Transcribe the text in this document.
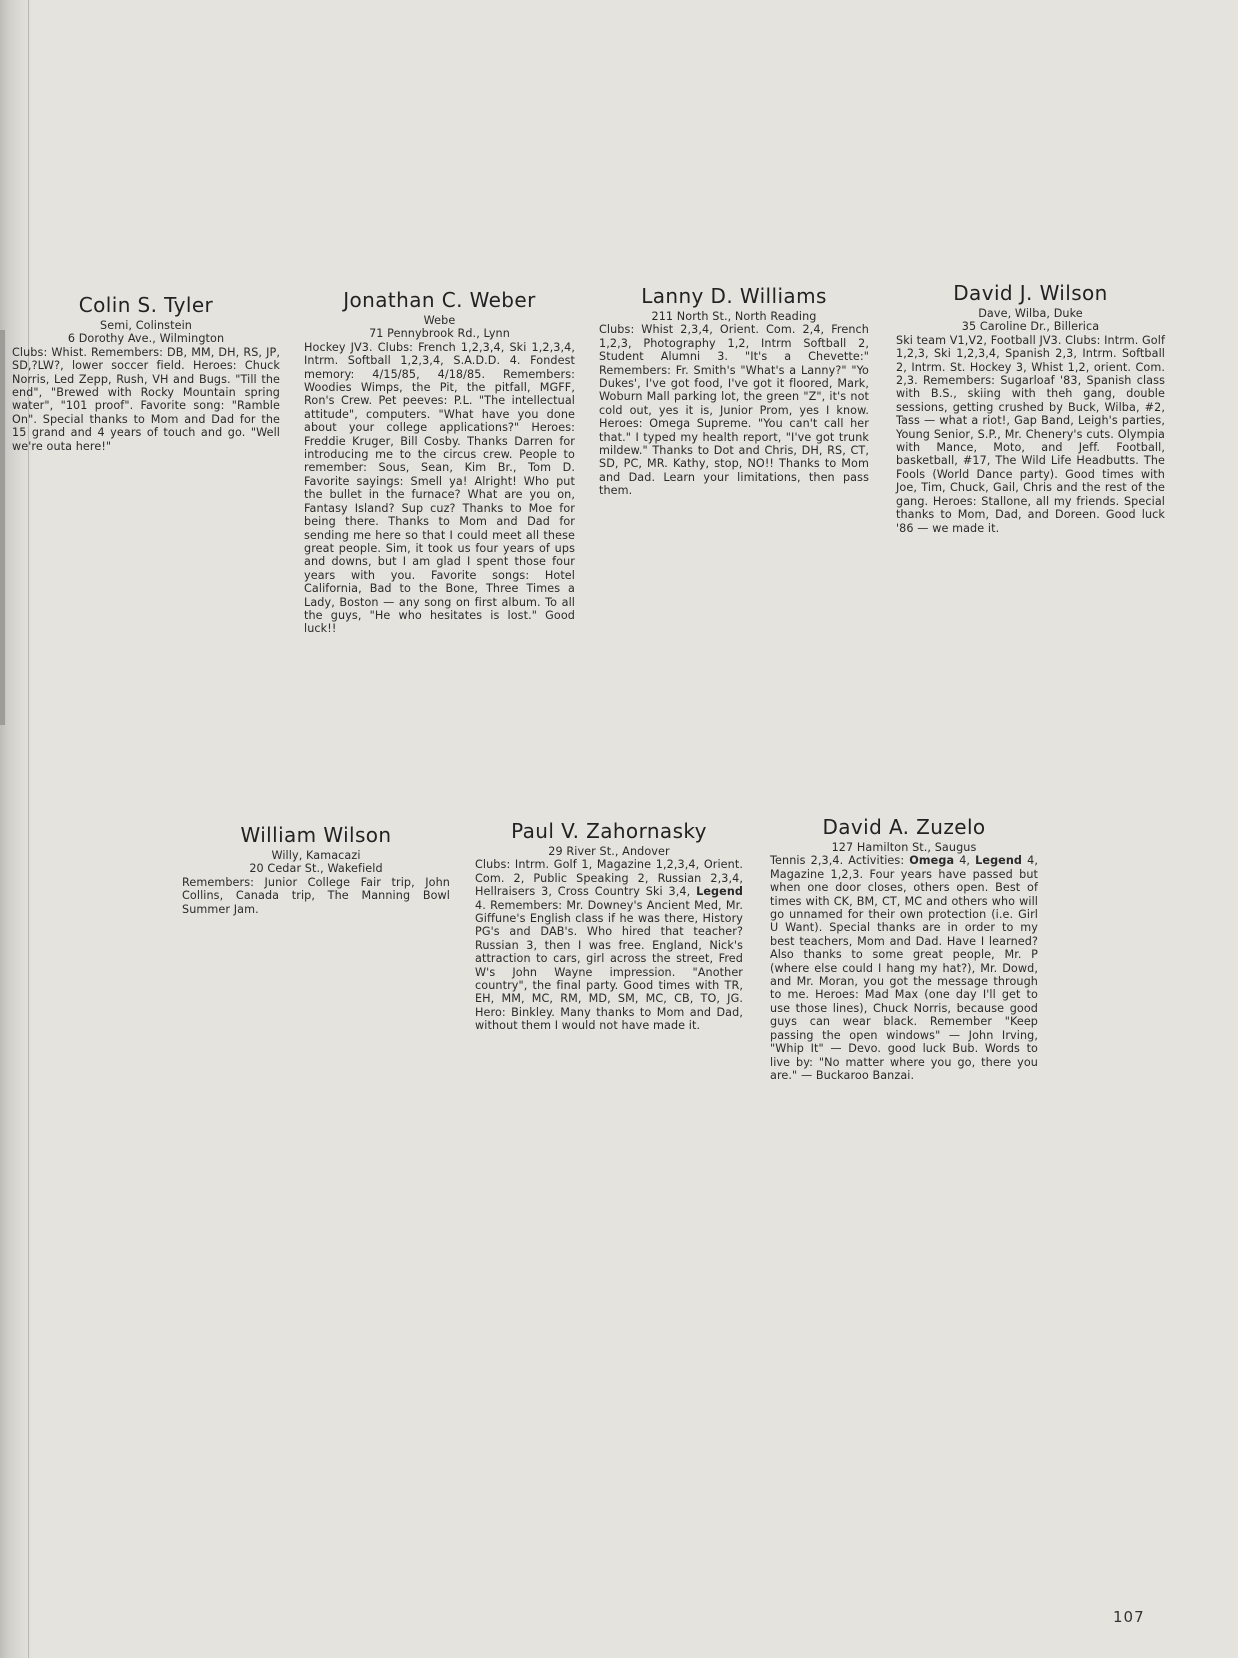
Colin S. Tyler
Semi, Colinstein
6 Dorothy Ave., Wilmington
Clubs: Whist. Remembers: DB, MM, DH, RS, JP, SD,?LW?, lower soccer field. Heroes: Chuck Norris, Led Zepp, Rush, VH and Bugs. "Till the end", "Brewed with Rocky Mountain spring water", "101 proof". Favorite song: "Ramble On". Special thanks to Mom and Dad for the 15 grand and 4 years of touch and go. "Well we're outa here!"
Jonathan C. Weber
Webe
71 Pennybrook Rd., Lynn
Hockey JV3. Clubs: French 1,2,3,4, Ski 1,2,3,4, Intrm. Softball 1,2,3,4, S.A.D.D. 4. Fondest memory: 4/15/85, 4/18/85. Remembers: Woodies Wimps, the Pit, the pitfall, MGFF, Ron's Crew. Pet peeves: P.L. "The intellectual attitude", computers. "What have you done about your college applications?" Heroes: Freddie Kruger, Bill Cosby. Thanks Darren for introducing me to the circus crew. People to remember: Sous, Sean, Kim Br., Tom D. Favorite sayings: Smell ya! Alright! Who put the bullet in the furnace? What are you on, Fantasy Island? Sup cuz? Thanks to Moe for being there. Thanks to Mom and Dad for sending me here so that I could meet all these great people. Sim, it took us four years of ups and downs, but I am glad I spent those four years with you. Favorite songs: Hotel California, Bad to the Bone, Three Times a Lady, Boston — any song on first album. To all the guys, "He who hesitates is lost." Good luck!!
Lanny D. Williams
211 North St., North Reading
Clubs: Whist 2,3,4, Orient. Com. 2,4, French 1,2,3, Photography 1,2, Intrm Softball 2, Student Alumni 3. "It's a Chevette:" Remembers: Fr. Smith's "What's a Lanny?" "Yo Dukes', I've got food, I've got it floored, Mark, Woburn Mall parking lot, the green "Z", it's not cold out, yes it is, Junior Prom, yes I know. Heroes: Omega Supreme. "You can't call her that." I typed my health report, "I've got trunk mildew." Thanks to Dot and Chris, DH, RS, CT, SD, PC, MR. Kathy, stop, NO!! Thanks to Mom and Dad. Learn your limitations, then pass them.
David J. Wilson
Dave, Wilba, Duke
35 Caroline Dr., Billerica
Ski team V1,V2, Football JV3. Clubs: Intrm. Golf 1,2,3, Ski 1,2,3,4, Spanish 2,3, Intrm. Softball 2, Intrm. St. Hockey 3, Whist 1,2, orient. Com. 2,3. Remembers: Sugarloaf '83, Spanish class with B.S., skiing with theh gang, double sessions, getting crushed by Buck, Wilba, #2, Tass — what a riot!, Gap Band, Leigh's parties, Young Senior, S.P., Mr. Chenery's cuts. Olympia with Mance, Moto, and Jeff. Football, basketball, #17, The Wild Life Headbutts. The Fools (World Dance party). Good times with Joe, Tim, Chuck, Gail, Chris and the rest of the gang. Heroes: Stallone, all my friends. Special thanks to Mom, Dad, and Doreen. Good luck '86 — we made it.
William Wilson
Willy, Kamacazi
20 Cedar St., Wakefield
Remembers: Junior College Fair trip, John Collins, Canada trip, The Manning Bowl Summer Jam.
Paul V. Zahornasky
29 River St., Andover
Clubs: Intrm. Golf 1, Magazine 1,2,3,4, Orient. Com. 2, Public Speaking 2, Russian 2,3,4, Hellraisers 3, Cross Country Ski 3,4, Legend 4. Remembers: Mr. Downey's Ancient Med, Mr. Giffune's English class if he was there, History PG's and DAB's. Who hired that teacher? Russian 3, then I was free. England, Nick's attraction to cars, girl across the street, Fred W's John Wayne impression. "Another country", the final party. Good times with TR, EH, MM, MC, RM, MD, SM, MC, CB, TO, JG. Hero: Binkley. Many thanks to Mom and Dad, without them I would not have made it.
David A. Zuzelo
127 Hamilton St., Saugus
Tennis 2,3,4. Activities: Omega 4, Legend 4, Magazine 1,2,3. Four years have passed but when one door closes, others open. Best of times with CK, BM, CT, MC and others who will go unnamed for their own protection (i.e. Girl U Want). Special thanks are in order to my best teachers, Mom and Dad. Have I learned? Also thanks to some great people, Mr. P (where else could I hang my hat?), Mr. Dowd, and Mr. Moran, you got the message through to me. Heroes: Mad Max (one day I'll get to use those lines), Chuck Norris, because good guys can wear black. Remember "Keep passing the open windows" — John Irving, "Whip It" — Devo. good luck Bub. Words to live by: "No matter where you go, there you are." — Buckaroo Banzai.
107
